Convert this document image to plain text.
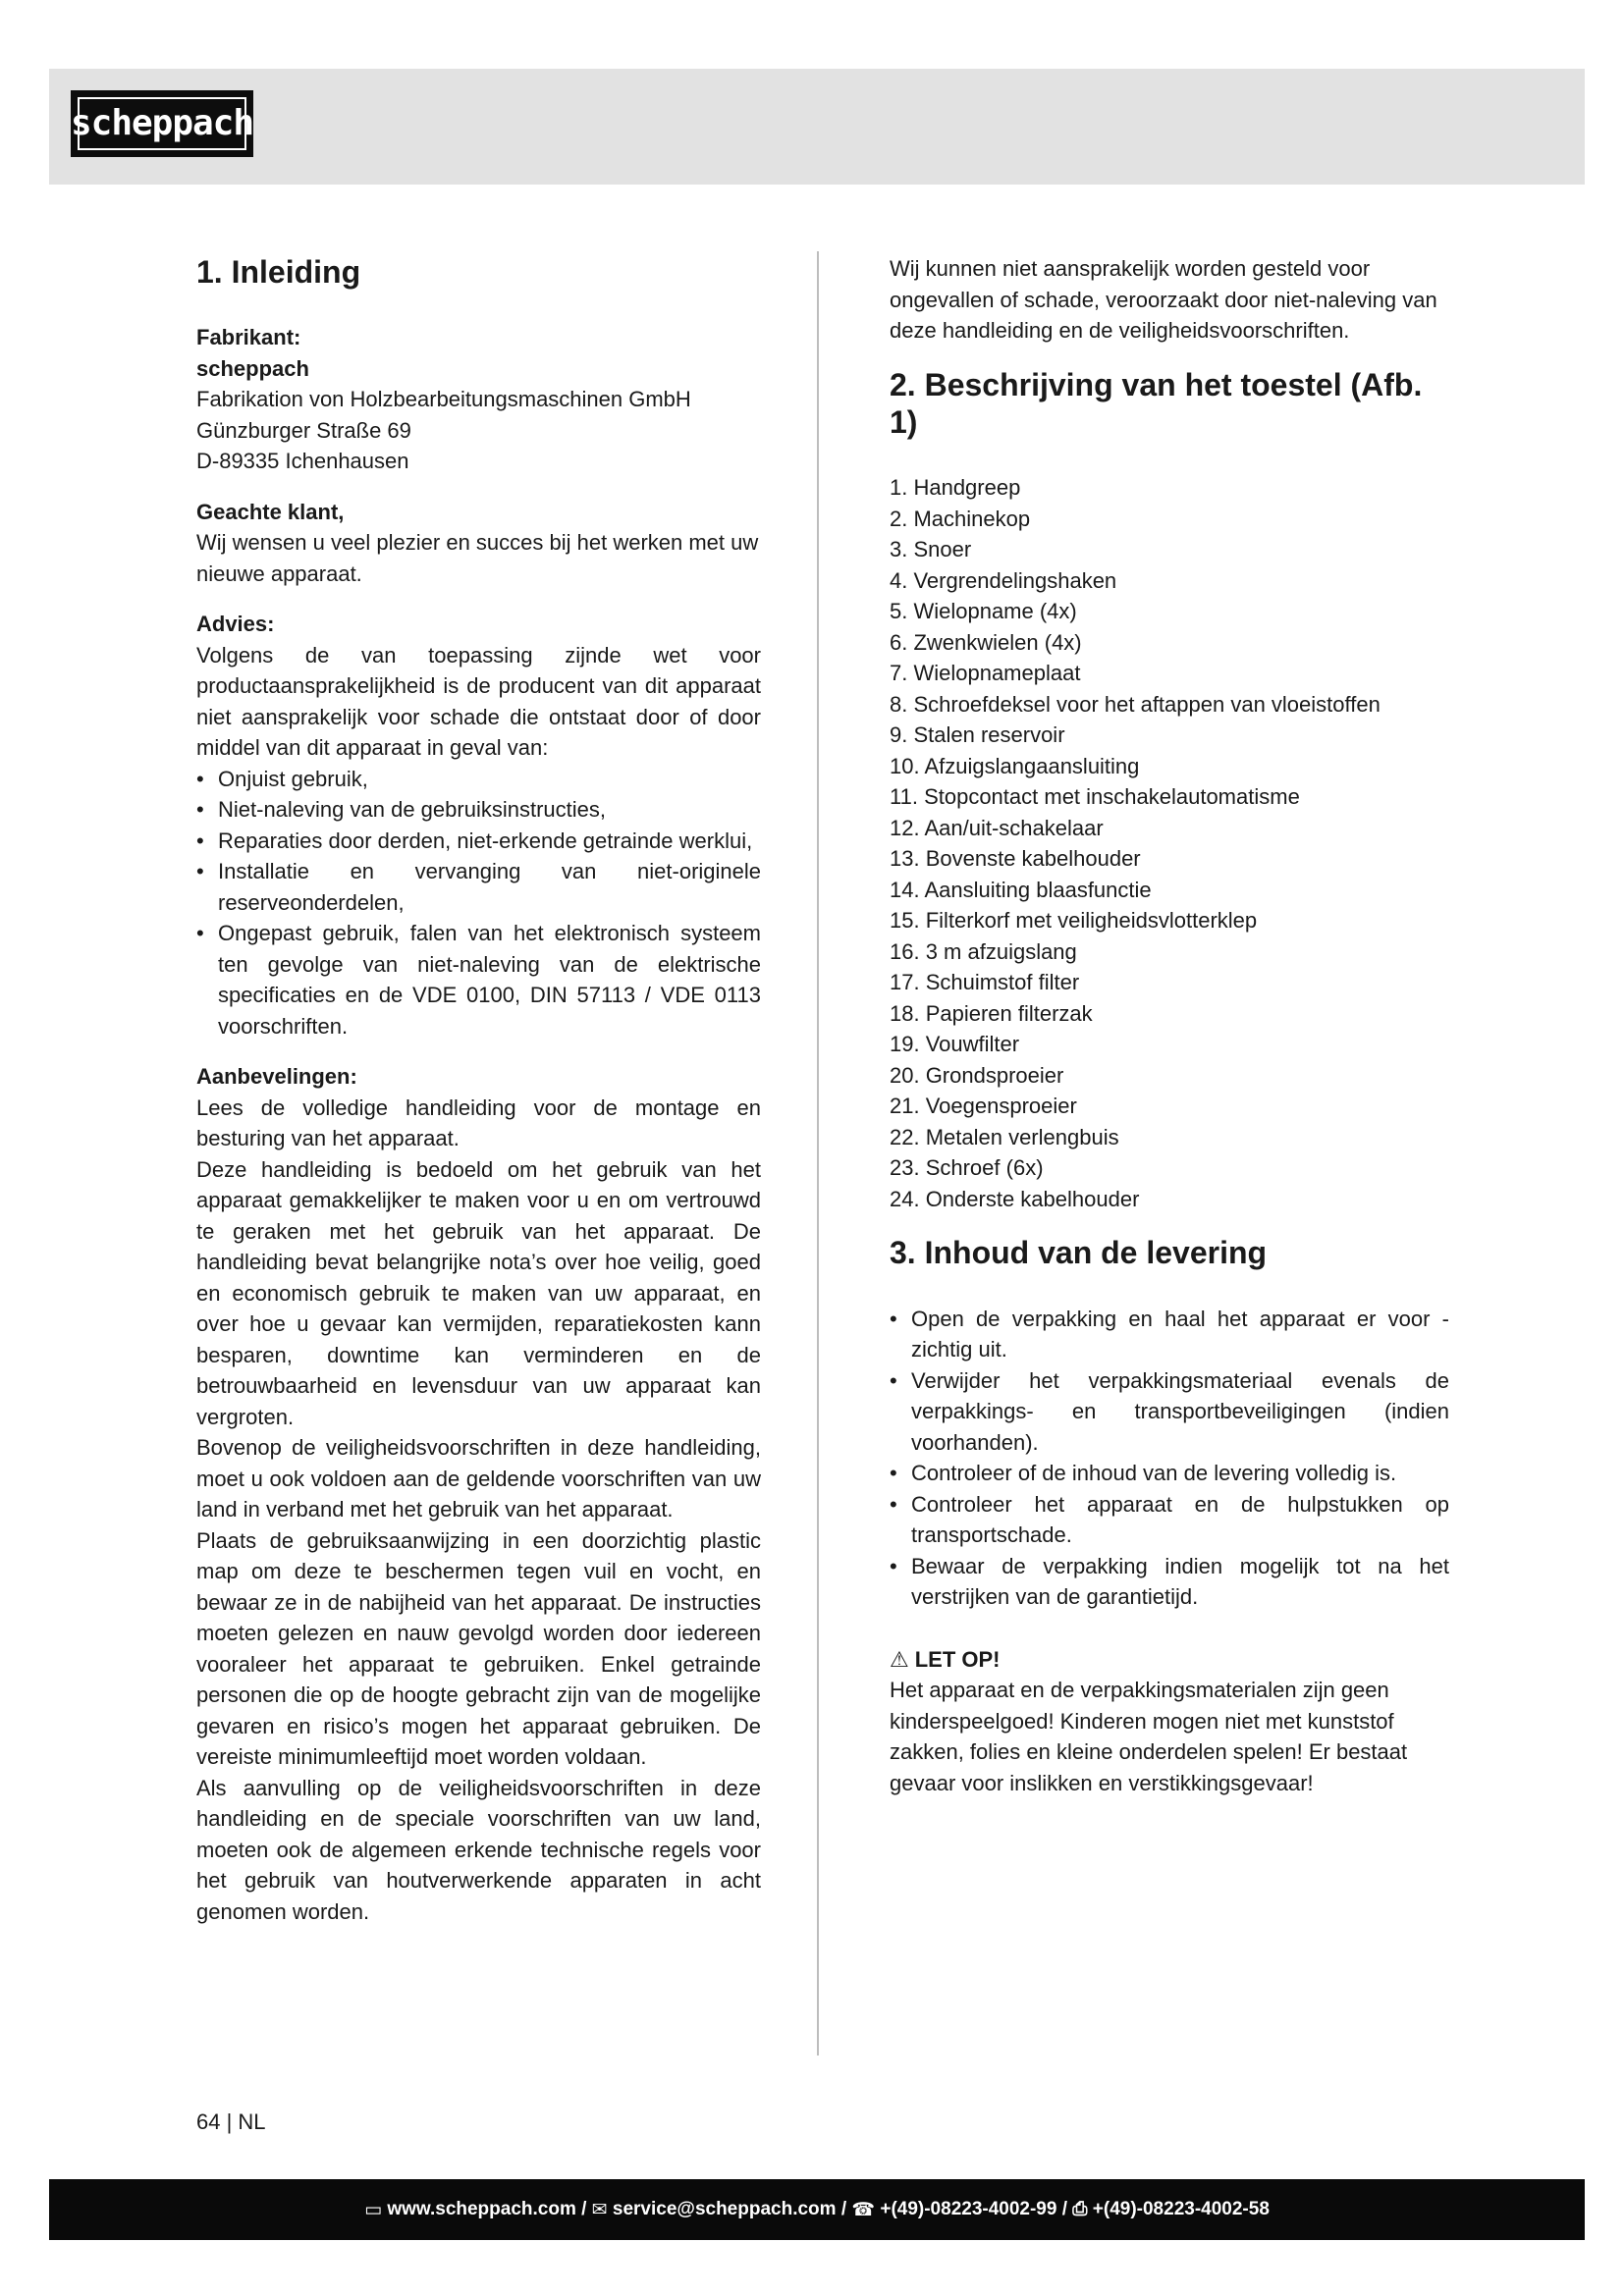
scheppach
1. Inleiding

Fabrikant:

scheppach

Fabrikation von Holzbearbeitungsmaschinen GmbH

Günzburger Straße 69

D-89335 Ichenhausen

Geachte klant,

Wij wensen u veel plezier en succes bij het werken met uw nieuwe apparaat.

Advies:

Volgens de van toepassing zijnde wet voor productaansprakelijkheid is de producent van dit apparaat niet aansprakelijk voor schade die ontstaat door of door middel van dit apparaat in geval van:

• Onjuist gebruik,
• Niet-naleving van de gebruiksinstructies,
• Reparaties door derden, niet-erkende getrainde werklui,
• Installatie en vervanging van niet-originele reserveonderdelen,
• Ongepast gebruik, falen van het elektronisch systeem ten gevolge van niet-naleving van de elektrische specificaties en de VDE 0100, DIN 57113 / VDE 0113 voorschriften.

Aanbevelingen:

Lees de volledige handleiding voor de montage en besturing van het apparaat.

Deze handleiding is bedoeld om het gebruik van het apparaat gemakkelijker te maken voor u en om vertrouwd te geraken met het gebruik van het apparaat. De handleiding bevat belangrijke nota’s over hoe veilig, goed en economisch gebruik te maken van uw apparaat, en over hoe u gevaar kan vermijden, reparatiekosten kann besparen, downtime kan verminderen en de betrouwbaarheid en levensduur van uw apparaat kan vergroten.

Bovenop de veiligheidsvoorschriften in deze handleiding, moet u ook voldoen aan de geldende voorschriften van uw land in verband met het gebruik van het apparaat.

Plaats de gebruiksaanwijzing in een doorzichtig plastic map om deze te beschermen tegen vuil en vocht, en bewaar ze in de nabijheid van het apparaat. De instructies moeten gelezen en nauw gevolgd worden door iedereen vooraleer het apparaat te gebruiken. Enkel getrainde personen die op de hoogte gebracht zijn van de mogelijke gevaren en risico’s mogen het apparaat gebruiken. De vereiste minimumleeftijd moet worden voldaan.

Als aanvulling op de veiligheidsvoorschriften in deze handleiding en de speciale voorschriften van uw land, moeten ook de algemeen erkende technische regels voor het gebruik van houtverwerkende apparaten in acht genomen worden.

Wij kunnen niet aansprakelijk worden gesteld voor ongevallen of schade, veroorzaakt door niet-naleving van deze handleiding en de veiligheidsvoorschriften.

2. Beschrijving van het toestel (Afb. 1)
1. Handgreep
2. Machinekop
3. Snoer
4. Vergrendelingshaken
5. Wielopname (4x)
6. Zwenkwielen (4x)
7. Wielopnameplaat
8. Schroefdeksel voor het aftappen van vloeistoffen
9. Stalen reservoir
10. Afzuigslangaansluiting
11. Stopcontact met inschakelautomatisme
12. Aan/uit-schakelaar
13. Bovenste kabelhouder
14. Aansluiting blaasfunctie
15. Filterkorf met veiligheidsvlotterklep
16. 3 m afzuigslang
17. Schuimstof filter
18. Papieren filterzak
19. Vouwfilter
20. Grondsproeier
21. Voegensproeier
22. Metalen verlengbuis
23. Schroef (6x)
24. Onderste kabelhouder
3. Inhoud van de levering
• Open de verpakking en haal het apparaat er voor - zichtig uit.
• Verwijder het verpakkingsmateriaal evenals de verpakkings- en transportbeveiligingen (indien voorhanden).
• Controleer of de inhoud van de levering volledig is.
• Controleer het apparaat en de hulpstukken op transportschade.
• Bewaar de verpakking indien mogelijk tot na het verstrijken van de garantietijd.

⚠ LET OP!

Het apparaat en de verpakkingsmaterialen zijn geen kinderspeelgoed! Kinderen mogen niet met kunststof zakken, folies en kleine onderdelen spelen! Er bestaat gevaar voor inslikken en verstikkingsgevaar!

64 | NL
▭
www.scheppach.com / ✉
service@scheppach.com / ☎
+(49)-08223-4002-99 / ⎙
+(49)-08223-4002-58
